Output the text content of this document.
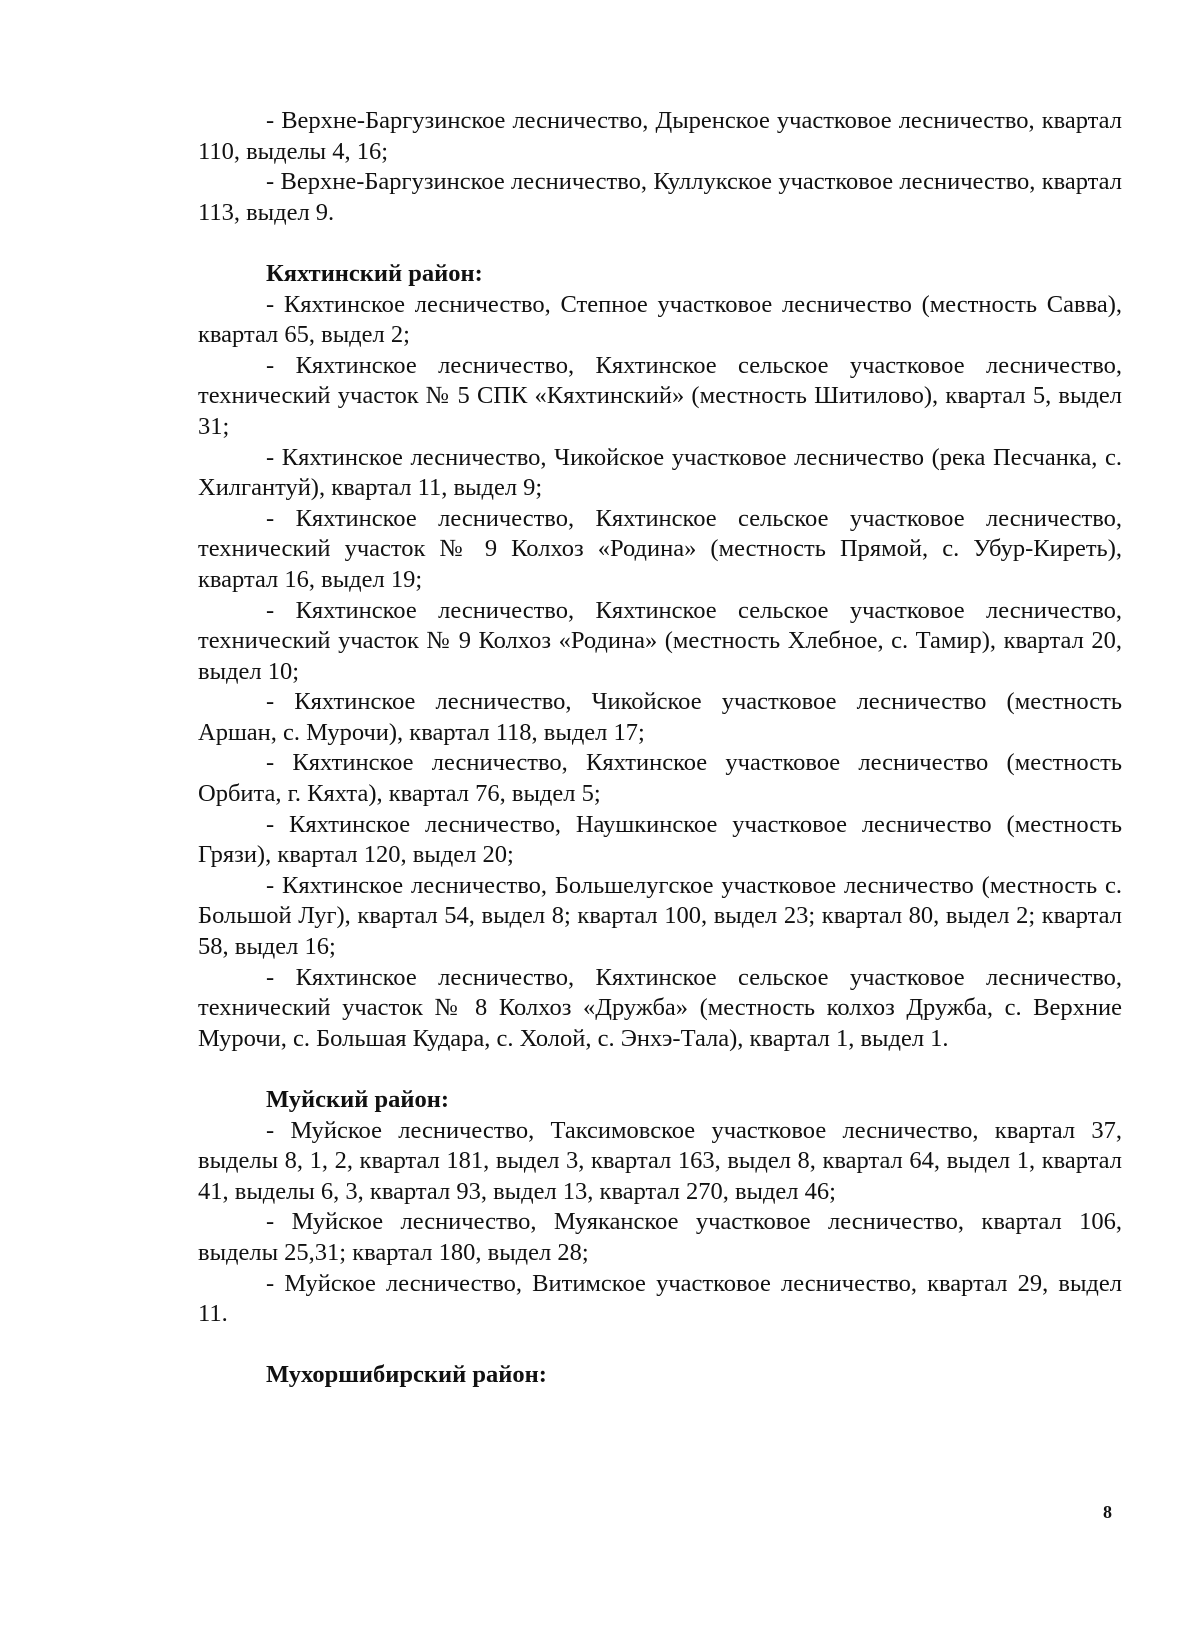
- Верхне-Баргузинское лесничество, Дыренское участковое лесничество, квартал 110, выделы 4, 16;

- Верхне-Баргузинское лесничество, Куллукское участковое лесничество, квартал 113, выдел 9.

Кяхтинский район:

- Кяхтинское лесничество, Степное участковое лесничество (местность Савва), квартал 65, выдел 2;

- Кяхтинское лесничество, Кяхтинское сельское участковое лесничество, технический участок № 5 СПК «Кяхтинский» (местность Шитилово), квартал 5, выдел 31;

- Кяхтинское лесничество, Чикойское участковое лесничество (река Песчанка, с. Хилгантуй), квартал 11, выдел 9;

- Кяхтинское лесничество, Кяхтинское сельское участковое лесничество, технический участок № 9 Колхоз «Родина» (местность Прямой, с. Убур-Киреть), квартал 16, выдел 19;

- Кяхтинское лесничество, Кяхтинское сельское участковое лесничество, технический участок № 9 Колхоз «Родина» (местность Хлебное, с. Тамир), квартал 20, выдел 10;

- Кяхтинское лесничество, Чикойское участковое лесничество (местность Аршан, с. Мурочи), квартал 118, выдел 17;

- Кяхтинское лесничество, Кяхтинское участковое лесничество (местность Орбита, г. Кяхта), квартал 76, выдел 5;

- Кяхтинское лесничество, Наушкинское участковое лесничество (местность Грязи), квартал 120, выдел 20;

- Кяхтинское лесничество, Большелугское участковое лесничество (местность с. Большой Луг), квартал 54, выдел 8; квартал 100, выдел 23; квартал 80, выдел 2; квартал 58, выдел 16;

- Кяхтинское лесничество, Кяхтинское сельское участковое лесничество, технический участок № 8 Колхоз «Дружба» (местность колхоз Дружба, с. Верхние Мурочи, с. Большая Кудара, с. Холой, с. Энхэ-Тала), квартал 1, выдел 1.

Муйский район:

- Муйское лесничество, Таксимовское участковое лесничество, квартал 37, выделы 8, 1, 2, квартал 181, выдел 3, квартал 163, выдел 8, квартал 64, выдел 1, квартал 41, выделы 6, 3, квартал 93, выдел 13, квартал 270, выдел 46;

- Муйское лесничество, Муяканское участковое лесничество, квартал 106, выделы 25,31; квартал 180, выдел 28;

- Муйское лесничество, Витимское участковое лесничество, квартал 29, выдел 11.

Мухоршибирский район:

8
